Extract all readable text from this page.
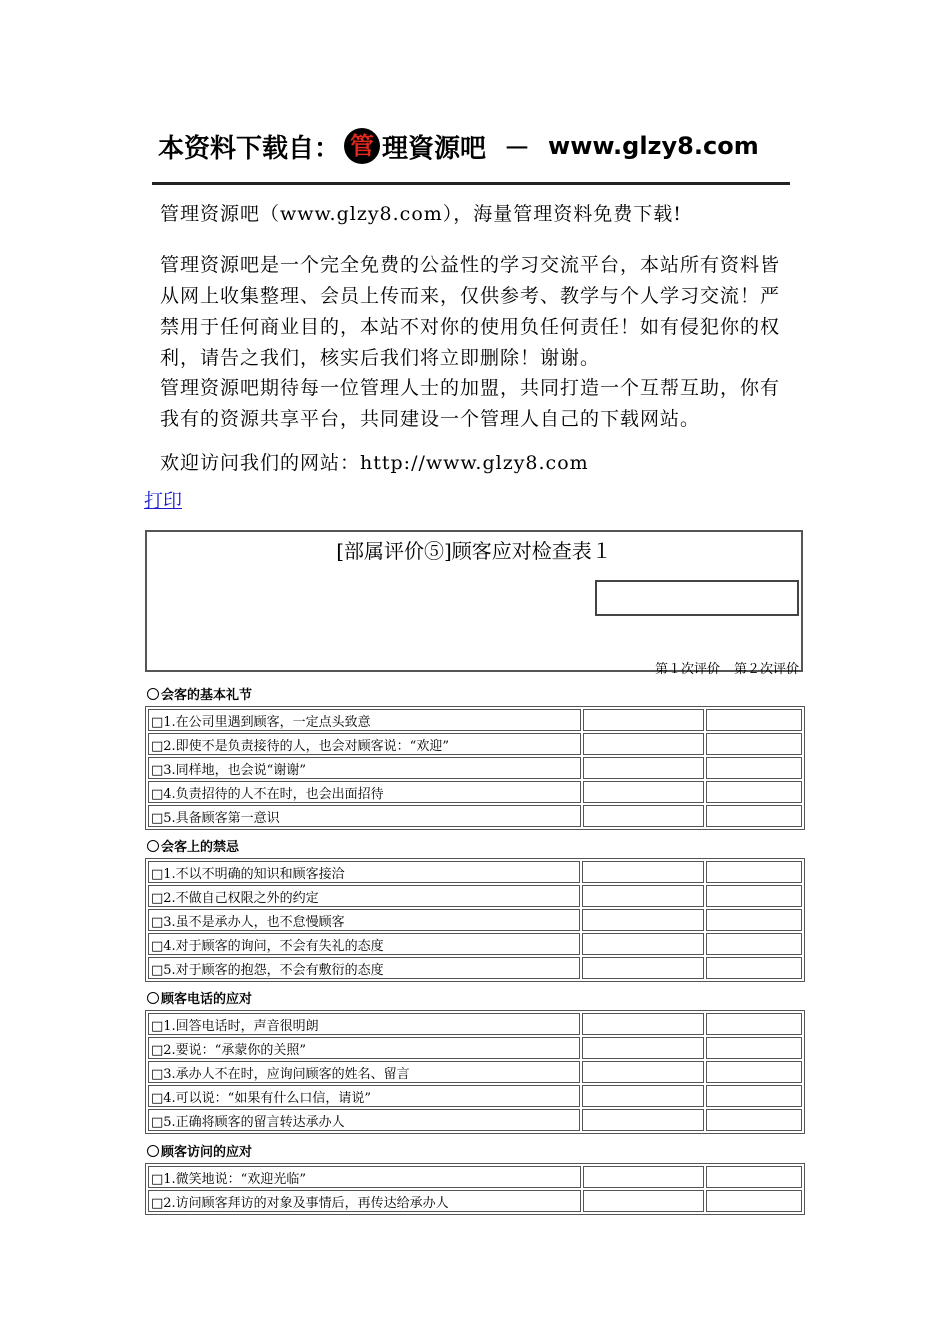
本资料下载自： 管 理資源吧 － www.glzy8.com
管理资源吧（www.glzy8.com），海量管理资料免费下载!
管理资源吧是一个完全免费的公益性的学习交流平台，本站所有资料皆从网上收集整理、会员上传而来，仅供参考、教学与个人学习交流！严禁用于任何商业目的，本站不对你的使用负任何责任！如有侵犯你的权利，请告之我们，核实后我们将立即删除！谢谢。
管理资源吧期待每一位管理人士的加盟，共同打造一个互帮互助，你有我有的资源共享平台，共同建设一个管理人自己的下载网站。
欢迎访问我们的网站：http://www.glzy8.com
打印
[部属评价⑤]顾客应对检查表１
第１次评价 第２次评价
会客的基本礼节
□1.在公司里遇到顾客，一定点头致意		
□2.即使不是负责接待的人，也会对顾客说：“欢迎”		
□3.同样地，也会说“谢谢”		
□4.负责招待的人不在时，也会出面招待		
□5.具备顾客第一意识		
会客上的禁忌
□1.不以不明确的知识和顾客接洽		
□2.不做自己权限之外的约定		
□3.虽不是承办人，也不怠慢顾客		
□4.对于顾客的询问，不会有失礼的态度		
□5.对于顾客的抱怨，不会有敷衍的态度		
顾客电话的应对
□1.回答电话时，声音很明朗		
□2.要说：“承蒙你的关照”		
□3.承办人不在时，应询问顾客的姓名、留言		
□4.可以说：“如果有什么口信，请说”		
□5.正确将顾客的留言转达承办人		
顾客访问的应对
□1.微笑地说：“欢迎光临”		
□2.访问顾客拜访的对象及事情后，再传达给承办人		
